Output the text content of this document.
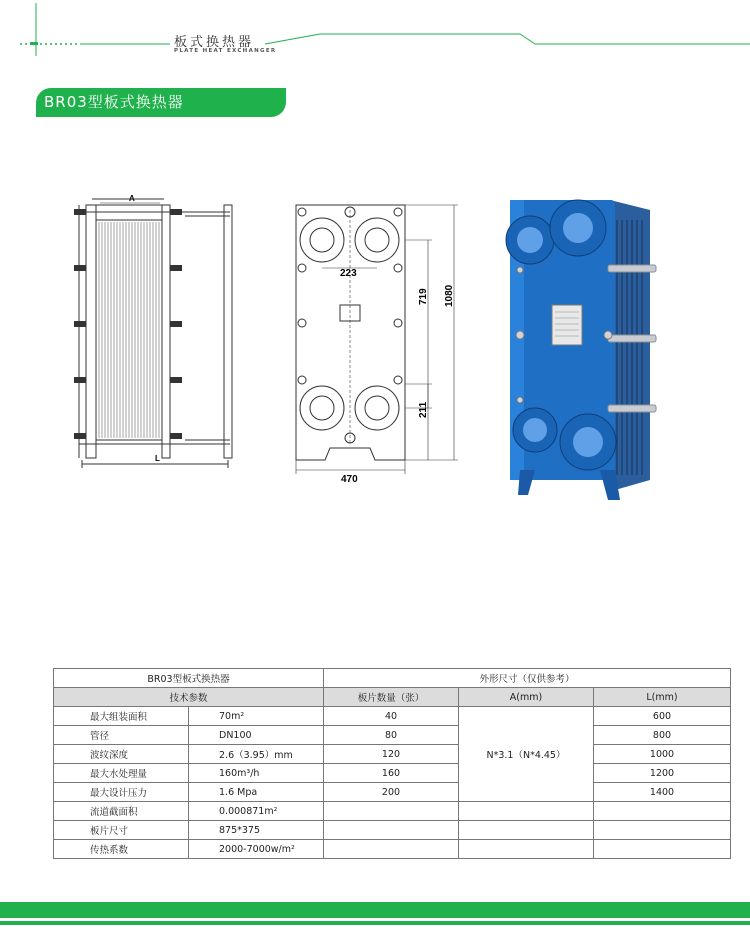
板式换热器
PLATE HEAT EXCHANGER
BR03型板式换热器
A
L
223
470
719 1080
211
BR03型板式换热器		外形尺寸（仅供参考）		
技术参数		板片数量（张）	A(mm)	L(mm)
最大组装面积	70m²	40	N*3.1（N*4.45）	600
管径	DN100	80		800
波纹深度	2.6（3.95）mm	120		1000
最大水处理量	160m³/h	160		1200
最大设计压力	1.6 Mpa	200		1400
流道截面积	0.000871m²			
板片尺寸	875*375			
传热系数	2000-7000w/m²			
